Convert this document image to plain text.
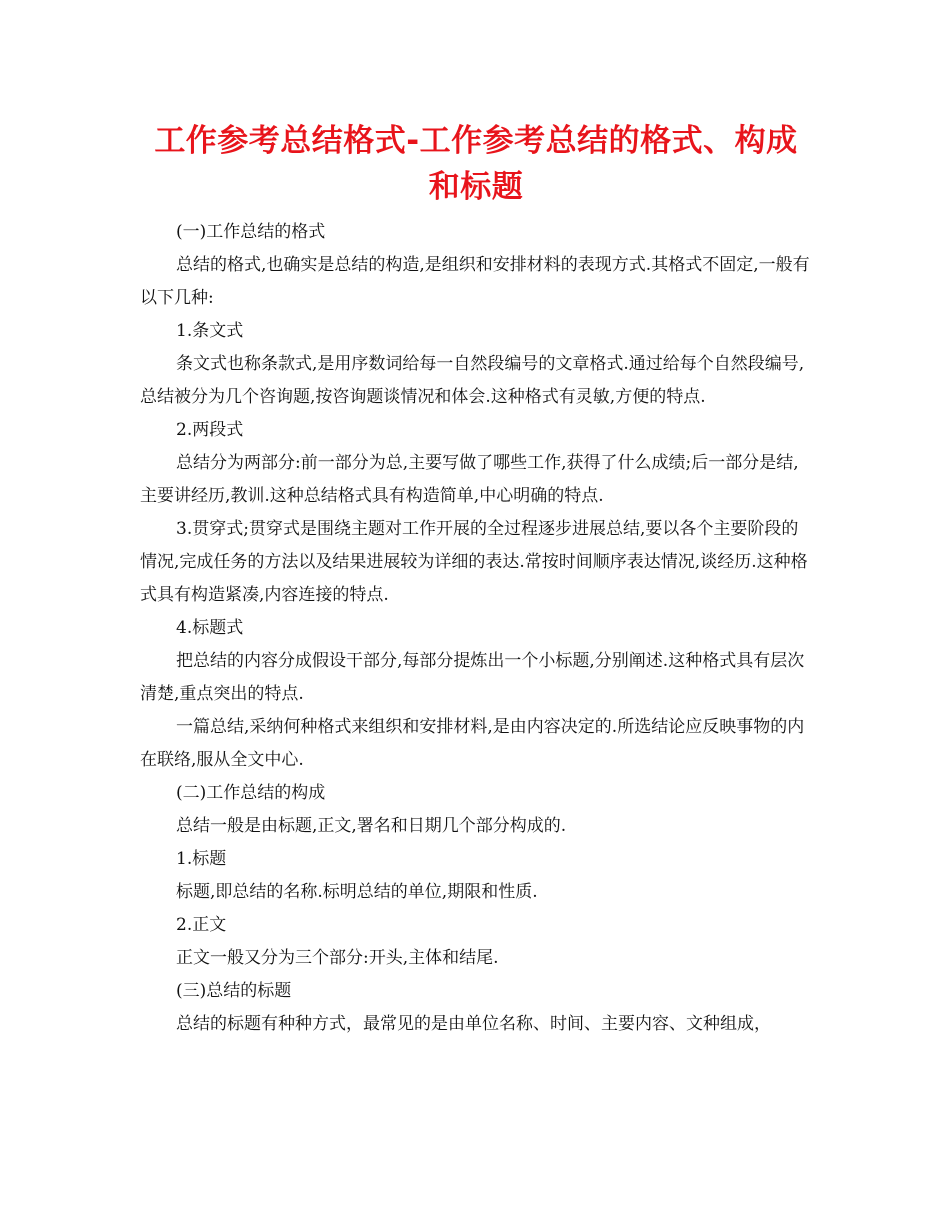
工作参考总结格式-工作参考总结的格式、构成和标题

(一)工作总结的格式

总结的格式,也确实是总结的构造,是组织和安排材料的表现方式.其格式不固定,一般有以下几种:

1.条文式

条文式也称条款式,是用序数词给每一自然段编号的文章格式.通过给每个自然段编号,总结被分为几个咨询题,按咨询题谈情况和体会.这种格式有灵敏,方便的特点.

2.两段式

总结分为两部分:前一部分为总,主要写做了哪些工作,获得了什么成绩;后一部分是结,主要讲经历,教训.这种总结格式具有构造简单,中心明确的特点.

3.贯穿式;贯穿式是围绕主题对工作开展的全过程逐步进展总结,要以各个主要阶段的情况,完成任务的方法以及结果进展较为详细的表达.常按时间顺序表达情况,谈经历.这种格式具有构造紧凑,内容连接的特点.

4.标题式

把总结的内容分成假设干部分,每部分提炼出一个小标题,分别阐述.这种格式具有层次清楚,重点突出的特点.

一篇总结,采纳何种格式来组织和安排材料,是由内容决定的.所选结论应反映事物的内在联络,服从全文中心.

(二)工作总结的构成

总结一般是由标题,正文,署名和日期几个部分构成的.

1.标题

标题,即总结的名称.标明总结的单位,期限和性质.

2.正文

正文一般又分为三个部分:开头,主体和结尾.

(三)总结的标题

总结的标题有种种方式，最常见的是由单位名称、时间、主要内容、文种组成，
